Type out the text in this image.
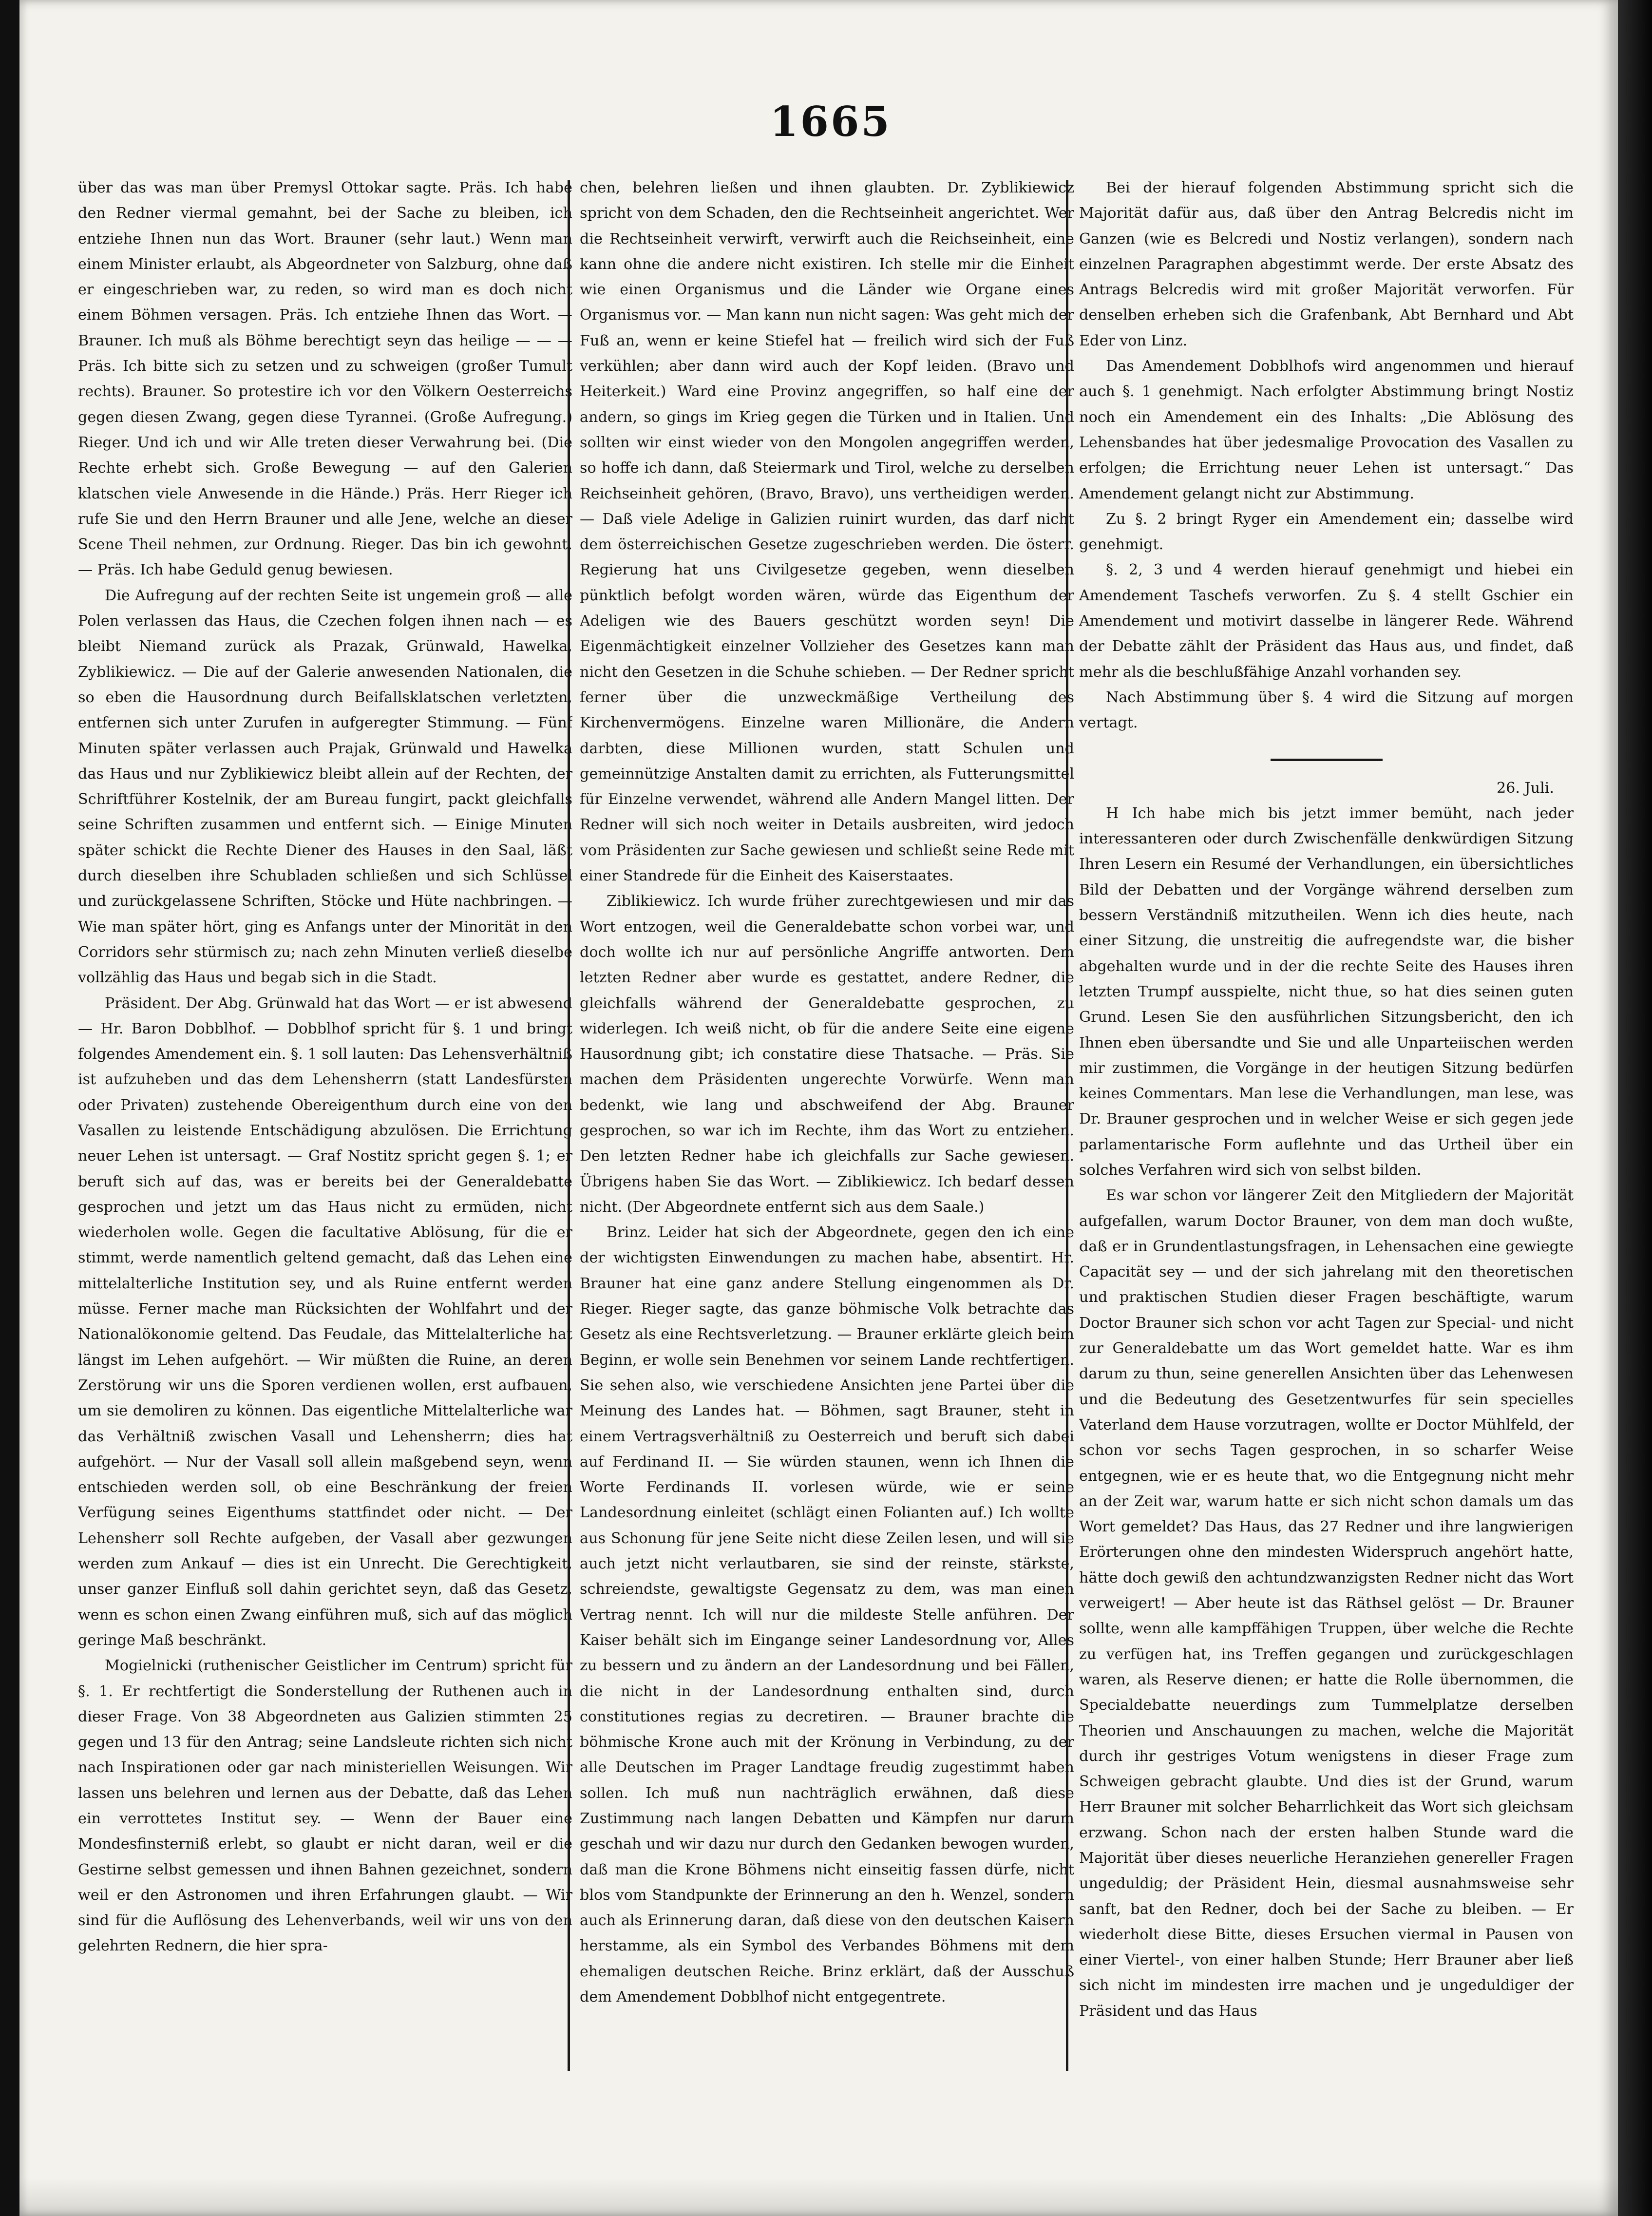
1665

über das was man über Premysl Ottokar sagte. Präs. Ich habe den Redner viermal gemahnt, bei der Sache zu bleiben, ich entziehe Ihnen nun das Wort. Brauner (sehr laut.) Wenn man einem Minister erlaubt, als Abgeordneter von Salzburg, ohne daß er eingeschrieben war, zu reden, so wird man es doch nicht einem Böhmen versagen. Präs. Ich entziehe Ihnen das Wort. — Brauner. Ich muß als Böhme berechtigt seyn das heilige — — — Präs. Ich bitte sich zu setzen und zu schweigen (großer Tumult rechts). Brauner. So protestire ich vor den Völkern Oesterreichs gegen diesen Zwang, gegen diese Tyrannei. (Große Aufregung.) Rieger. Und ich und wir Alle treten dieser Verwahrung bei. (Die Rechte erhebt sich. Große Bewegung — auf den Galerien klatschen viele Anwesende in die Hände.) Präs. Herr Rieger ich rufe Sie und den Herrn Brauner und alle Jene, welche an dieser Scene Theil nehmen, zur Ordnung. Rieger. Das bin ich gewohnt. — Präs. Ich habe Geduld genug bewiesen.

Die Aufregung auf der rechten Seite ist ungemein groß — alle Polen verlassen das Haus, die Czechen folgen ihnen nach — es bleibt Niemand zurück als Prazak, Grünwald, Hawelka, Zyblikiewicz. — Die auf der Galerie anwesenden Nationalen, die so eben die Hausordnung durch Beifallsklatschen verletzten, entfernen sich unter Zurufen in aufgeregter Stimmung. — Fünf Minuten später verlassen auch Prajak, Grünwald und Hawelka das Haus und nur Zyblikiewicz bleibt allein auf der Rechten, der Schriftführer Kostelnik, der am Bureau fungirt, packt gleichfalls seine Schriften zusammen und entfernt sich. — Einige Minuten später schickt die Rechte Diener des Hauses in den Saal, läßt durch dieselben ihre Schubladen schließen und sich Schlüssel und zurückgelassene Schriften, Stöcke und Hüte nachbringen. — Wie man später hört, ging es Anfangs unter der Minorität in den Corridors sehr stürmisch zu; nach zehn Minuten verließ dieselbe vollzählig das Haus und begab sich in die Stadt.

Präsident. Der Abg. Grünwald hat das Wort — er ist abwesend — Hr. Baron Dobblhof. — Dobblhof spricht für §. 1 und bringt folgendes Amendement ein. §. 1 soll lauten: Das Lehensverhältniß ist aufzuheben und das dem Lehensherrn (statt Landesfürsten oder Privaten) zustehende Obereigenthum durch eine von den Vasallen zu leistende Entschädigung abzulösen. Die Errichtung neuer Lehen ist untersagt. — Graf Nostitz spricht gegen §. 1; er beruft sich auf das, was er bereits bei der Generaldebatte gesprochen und jetzt um das Haus nicht zu ermüden, nicht wiederholen wolle. Gegen die facultative Ablösung, für die er stimmt, werde namentlich geltend gemacht, daß das Lehen eine mittelalterliche Institution sey, und als Ruine entfernt werden müsse. Ferner mache man Rücksichten der Wohlfahrt und der Nationalökonomie geltend. Das Feudale, das Mittelalterliche hat längst im Lehen aufgehört. — Wir müßten die Ruine, an deren Zerstörung wir uns die Sporen verdienen wollen, erst aufbauen, um sie demoliren zu können. Das eigentliche Mittelalterliche war das Verhältniß zwischen Vasall und Lehensherrn; dies hat aufgehört. — Nur der Vasall soll allein maßgebend seyn, wenn entschieden werden soll, ob eine Beschränkung der freien Verfügung seines Eigenthums stattfindet oder nicht. — Der Lehensherr soll Rechte aufgeben, der Vasall aber gezwungen werden zum Ankauf — dies ist ein Unrecht. Die Gerechtigkeit, unser ganzer Einfluß soll dahin gerichtet seyn, daß das Gesetz, wenn es schon einen Zwang einführen muß, sich auf das möglich geringe Maß beschränkt.

Mogielnicki (ruthenischer Geistlicher im Centrum) spricht für §. 1. Er rechtfertigt die Sonderstellung der Ruthenen auch in dieser Frage. Von 38 Abgeordneten aus Galizien stimmten 25 gegen und 13 für den Antrag; seine Landsleute richten sich nicht nach Inspirationen oder gar nach ministeriellen Weisungen. Wir lassen uns belehren und lernen aus der Debatte, daß das Lehen ein verrottetes Institut sey. — Wenn der Bauer eine Mondesfinsterniß erlebt, so glaubt er nicht daran, weil er die Gestirne selbst gemessen und ihnen Bahnen gezeichnet, sondern weil er den Astronomen und ihren Erfahrungen glaubt. — Wir sind für die Auflösung des Lehenverbands, weil wir uns von den gelehrten Rednern, die hier spra-

chen, belehren ließen und ihnen glaubten. Dr. Zyblikiewicz spricht von dem Schaden, den die Rechtseinheit angerichtet. Wer die Rechtseinheit verwirft, verwirft auch die Reichseinheit, eine kann ohne die andere nicht existiren. Ich stelle mir die Einheit wie einen Organismus und die Länder wie Organe eines Organismus vor. — Man kann nun nicht sagen: Was geht mich der Fuß an, wenn er keine Stiefel hat — freilich wird sich der Fuß verkühlen; aber dann wird auch der Kopf leiden. (Bravo und Heiterkeit.) Ward eine Provinz angegriffen, so half eine der andern, so gings im Krieg gegen die Türken und in Italien. Und sollten wir einst wieder von den Mongolen angegriffen werden, so hoffe ich dann, daß Steiermark und Tirol, welche zu derselben Reichseinheit gehören, (Bravo, Bravo), uns vertheidigen werden. — Daß viele Adelige in Galizien ruinirt wurden, das darf nicht dem österreichischen Gesetze zugeschrieben werden. Die österr. Regierung hat uns Civilgesetze gegeben, wenn dieselben pünktlich befolgt worden wären, würde das Eigenthum der Adeligen wie des Bauers geschützt worden seyn! Die Eigenmächtigkeit einzelner Vollzieher des Gesetzes kann man nicht den Gesetzen in die Schuhe schieben. — Der Redner spricht ferner über die unzweckmäßige Vertheilung des Kirchenvermögens. Einzelne waren Millionäre, die Andern darbten, diese Millionen wurden, statt Schulen und gemeinnützige Anstalten damit zu errichten, als Futterungsmittel für Einzelne verwendet, während alle Andern Mangel litten. Der Redner will sich noch weiter in Details ausbreiten, wird jedoch vom Präsidenten zur Sache gewiesen und schließt seine Rede mit einer Standrede für die Einheit des Kaiserstaates.

Ziblikiewicz. Ich wurde früher zurechtgewiesen und mir das Wort entzogen, weil die Generaldebatte schon vorbei war, und doch wollte ich nur auf persönliche Angriffe antworten. Dem letzten Redner aber wurde es gestattet, andere Redner, die gleichfalls während der Generaldebatte gesprochen, zu widerlegen. Ich weiß nicht, ob für die andere Seite eine eigene Hausordnung gibt; ich constatire diese Thatsache. — Präs. Sie machen dem Präsidenten ungerechte Vorwürfe. Wenn man bedenkt, wie lang und abschweifend der Abg. Brauner gesprochen, so war ich im Rechte, ihm das Wort zu entziehen. Den letzten Redner habe ich gleichfalls zur Sache gewiesen. Übrigens haben Sie das Wort. — Ziblikiewicz. Ich bedarf dessen nicht. (Der Abgeordnete entfernt sich aus dem Saale.)

Brinz. Leider hat sich der Abgeordnete, gegen den ich eine der wichtigsten Einwendungen zu machen habe, absentirt. Hr. Brauner hat eine ganz andere Stellung eingenommen als Dr. Rieger. Rieger sagte, das ganze böhmische Volk betrachte das Gesetz als eine Rechtsverletzung. — Brauner erklärte gleich beim Beginn, er wolle sein Benehmen vor seinem Lande rechtfertigen. Sie sehen also, wie verschiedene Ansichten jene Partei über die Meinung des Landes hat. — Böhmen, sagt Brauner, steht in einem Vertragsverhältniß zu Oesterreich und beruft sich dabei auf Ferdinand II. — Sie würden staunen, wenn ich Ihnen die Worte Ferdinands II. vorlesen würde, wie er seine Landesordnung einleitet (schlägt einen Folianten auf.) Ich wollte aus Schonung für jene Seite nicht diese Zeilen lesen, und will sie auch jetzt nicht verlautbaren, sie sind der reinste, stärkste, schreiendste, gewaltigste Gegensatz zu dem, was man einen Vertrag nennt. Ich will nur die mildeste Stelle anführen. Der Kaiser behält sich im Eingange seiner Landesordnung vor, Alles zu bessern und zu ändern an der Landesordnung und bei Fällen, die nicht in der Landesordnung enthalten sind, durch constitutiones regias zu decretiren. — Brauner brachte die böhmische Krone auch mit der Krönung in Verbindung, zu der alle Deutschen im Prager Landtage freudig zugestimmt haben sollen. Ich muß nun nachträglich erwähnen, daß diese Zustimmung nach langen Debatten und Kämpfen nur darum geschah und wir dazu nur durch den Gedanken bewogen wurden, daß man die Krone Böhmens nicht einseitig fassen dürfe, nicht blos vom Standpunkte der Erinnerung an den h. Wenzel, sondern auch als Erinnerung daran, daß diese von den deutschen Kaisern herstamme, als ein Symbol des Verbandes Böhmens mit dem ehemaligen deutschen Reiche. Brinz erklärt, daß der Ausschuß dem Amendement Dobblhof nicht entgegentrete.

Bei der hierauf folgenden Abstimmung spricht sich die Majorität dafür aus, daß über den Antrag Belcredis nicht im Ganzen (wie es Belcredi und Nostiz verlangen), sondern nach einzelnen Paragraphen abgestimmt werde. Der erste Absatz des Antrags Belcredis wird mit großer Majorität verworfen. Für denselben erheben sich die Grafenbank, Abt Bernhard und Abt Eder von Linz.

Das Amendement Dobblhofs wird angenommen und hierauf auch §. 1 genehmigt. Nach erfolgter Abstimmung bringt Nostiz noch ein Amendement ein des Inhalts: „Die Ablösung des Lehensbandes hat über jedesmalige Provocation des Vasallen zu erfolgen; die Errichtung neuer Lehen ist untersagt.“ Das Amendement gelangt nicht zur Abstimmung.

Zu §. 2 bringt Ryger ein Amendement ein; dasselbe wird genehmigt.

§. 2, 3 und 4 werden hierauf genehmigt und hiebei ein Amendement Taschefs verworfen. Zu §. 4 stellt Gschier ein Amendement und motivirt dasselbe in längerer Rede. Während der Debatte zählt der Präsident das Haus aus, und findet, daß mehr als die beschlußfähige Anzahl vorhanden sey.

Nach Abstimmung über §. 4 wird die Sitzung auf morgen vertagt.

26. Juli.

H Ich habe mich bis jetzt immer bemüht, nach jeder interessanteren oder durch Zwischenfälle denkwürdigen Sitzung Ihren Lesern ein Resumé der Verhandlungen, ein übersichtliches Bild der Debatten und der Vorgänge während derselben zum bessern Verständniß mitzutheilen. Wenn ich dies heute, nach einer Sitzung, die unstreitig die aufregendste war, die bisher abgehalten wurde und in der die rechte Seite des Hauses ihren letzten Trumpf ausspielte, nicht thue, so hat dies seinen guten Grund. Lesen Sie den ausführlichen Sitzungsbericht, den ich Ihnen eben übersandte und Sie und alle Unparteiischen werden mir zustimmen, die Vorgänge in der heutigen Sitzung bedürfen keines Commentars. Man lese die Verhandlungen, man lese, was Dr. Brauner gesprochen und in welcher Weise er sich gegen jede parlamentarische Form auflehnte und das Urtheil über ein solches Verfahren wird sich von selbst bilden.

Es war schon vor längerer Zeit den Mitgliedern der Majorität aufgefallen, warum Doctor Brauner, von dem man doch wußte, daß er in Grundentlastungsfragen, in Lehensachen eine gewiegte Capacität sey — und der sich jahrelang mit den theoretischen und praktischen Studien dieser Fragen beschäftigte, warum Doctor Brauner sich schon vor acht Tagen zur Special- und nicht zur Generaldebatte um das Wort gemeldet hatte. War es ihm darum zu thun, seine generellen Ansichten über das Lehenwesen und die Bedeutung des Gesetzentwurfes für sein specielles Vaterland dem Hause vorzutragen, wollte er Doctor Mühlfeld, der schon vor sechs Tagen gesprochen, in so scharfer Weise entgegnen, wie er es heute that, wo die Entgegnung nicht mehr an der Zeit war, warum hatte er sich nicht schon damals um das Wort gemeldet? Das Haus, das 27 Redner und ihre langwierigen Erörterungen ohne den mindesten Widerspruch angehört hatte, hätte doch gewiß den achtundzwanzigsten Redner nicht das Wort verweigert! — Aber heute ist das Räthsel gelöst — Dr. Brauner sollte, wenn alle kampffähigen Truppen, über welche die Rechte zu verfügen hat, ins Treffen gegangen und zurückgeschlagen waren, als Reserve dienen; er hatte die Rolle übernommen, die Specialdebatte neuerdings zum Tummelplatze derselben Theorien und Anschauungen zu machen, welche die Majorität durch ihr gestriges Votum wenigstens in dieser Frage zum Schweigen gebracht glaubte. Und dies ist der Grund, warum Herr Brauner mit solcher Beharrlichkeit das Wort sich gleichsam erzwang. Schon nach der ersten halben Stunde ward die Majorität über dieses neuerliche Heranziehen genereller Fragen ungeduldig; der Präsident Hein, diesmal ausnahmsweise sehr sanft, bat den Redner, doch bei der Sache zu bleiben. — Er wiederholt diese Bitte, dieses Ersuchen viermal in Pausen von einer Viertel-, von einer halben Stunde; Herr Brauner aber ließ sich nicht im mindesten irre machen und je ungeduldiger der Präsident und das Haus
